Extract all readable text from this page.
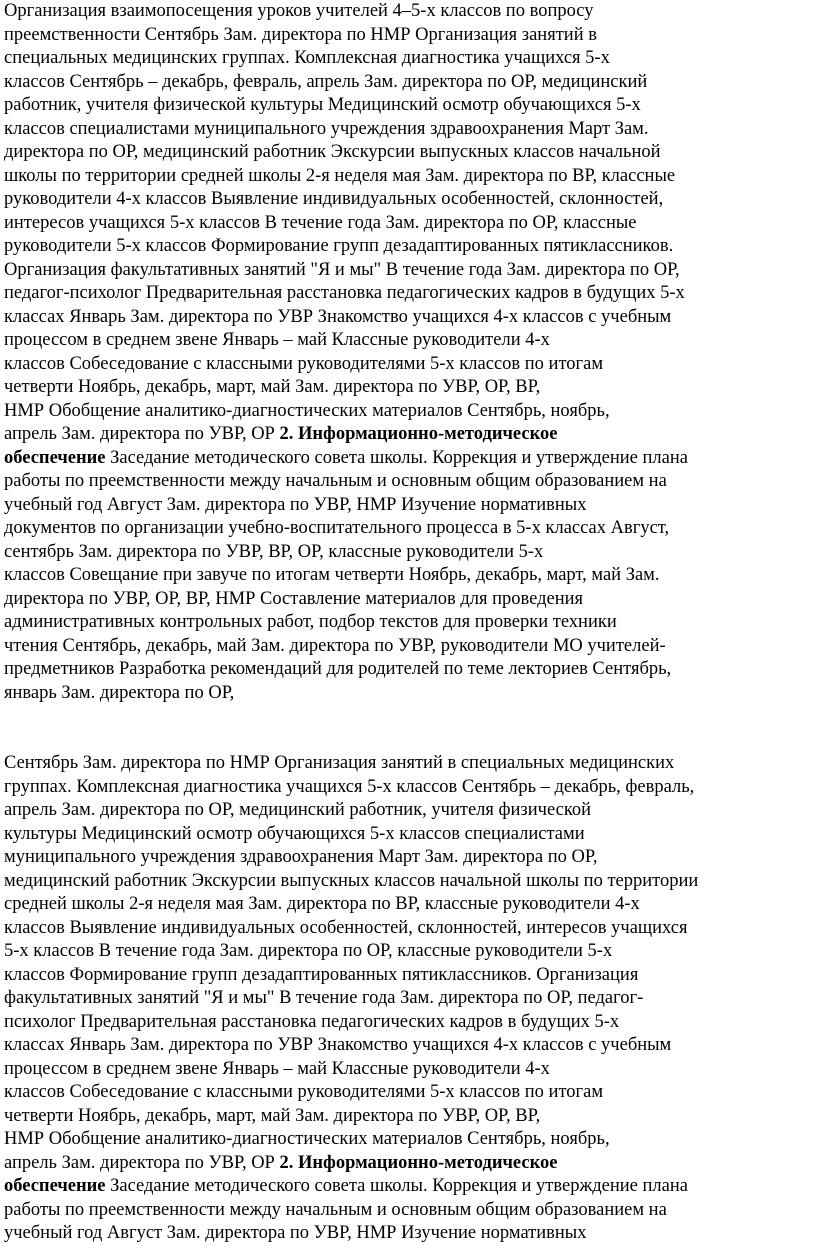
Организация взаимопосещения уроков учителей 4–5-х классов по вопросу
преемственности Сентябрь Зам. директора по НМР Организация занятий в
специальных медицинских группах. Комплексная диагностика учащихся 5-х
классов Сентябрь – декабрь, февраль, апрель Зам. директора по ОР, медицинский
работник, учителя физической культуры Медицинский осмотр обучающихся 5-х
классов специалистами муниципального учреждения здравоохранения Март Зам.
директора по ОР, медицинский работник Экскурсии выпускных классов начальной
школы по территории средней школы 2-я неделя мая Зам. директора по ВР, классные
руководители 4-х классов Выявление индивидуальных особенностей, склонностей,
интересов учащихся 5-х классов В течение года Зам. директора по ОР, классные
руководители 5-х классов Формирование групп дезадаптированных пятиклассников.
Организация факультативных занятий "Я и мы" В течение года Зам. директора по ОР,
педагог-психолог Предварительная расстановка педагогических кадров в будущих 5-х
классах Январь Зам. директора по УВР Знакомство учащихся 4-х классов с учебным
процессом в среднем звене Январь – май Классные руководители 4-х
классов Собеседование с классными руководителями 5-х классов по итогам
четверти Ноябрь, декабрь, март, май Зам. директора по УВР, ОР, ВР,
НМР Обобщение аналитико-диагностических материалов Сентябрь, ноябрь,
апрель Зам. директора по УВР, ОР 2. Информационно-методическое
обеспечение Заседание методического совета школы. Коррекция и утверждение плана
работы по преемственности между начальным и основным общим образованием на
учебный год Август Зам. директора по УВР, НМР Изучение нормативных
документов по организации учебно-воспитательного процесса в 5-х классах Август,
сентябрь Зам. директора по УВР, ВР, ОР, классные руководители 5-х
классов Совещание при завуче по итогам четверти Ноябрь, декабрь, март, май Зам.
директора по УВР, ОР, ВР, НМР Составление материалов для проведения
административных контрольных работ, подбор текстов для проверки техники
чтения Сентябрь, декабрь, май Зам. директора по УВР, руководители МО учителей-
предметников Разработка рекомендаций для родителей по теме лекториев Сентябрь,
январь Зам. директора по ОР,
Сентябрь Зам. директора по НМР Организация занятий в специальных медицинских
группах. Комплексная диагностика учащихся 5-х классов Сентябрь – декабрь, февраль,
апрель Зам. директора по ОР, медицинский работник, учителя физической
культуры Медицинский осмотр обучающихся 5-х классов специалистами
муниципального учреждения здравоохранения Март Зам. директора по ОР,
медицинский работник Экскурсии выпускных классов начальной школы по территории
средней школы 2-я неделя мая Зам. директора по ВР, классные руководители 4-х
классов Выявление индивидуальных особенностей, склонностей, интересов учащихся
5-х классов В течение года Зам. директора по ОР, классные руководители 5-х
классов Формирование групп дезадаптированных пятиклассников. Организация
факультативных занятий "Я и мы" В течение года Зам. директора по ОР, педагог-
психолог Предварительная расстановка педагогических кадров в будущих 5-х
классах Январь Зам. директора по УВР Знакомство учащихся 4-х классов с учебным
процессом в среднем звене Январь – май Классные руководители 4-х
классов Собеседование с классными руководителями 5-х классов по итогам
четверти Ноябрь, декабрь, март, май Зам. директора по УВР, ОР, ВР,
НМР Обобщение аналитико-диагностических материалов Сентябрь, ноябрь,
апрель Зам. директора по УВР, ОР 2. Информационно-методическое
обеспечение Заседание методического совета школы. Коррекция и утверждение плана
работы по преемственности между начальным и основным общим образованием на
учебный год Август Зам. директора по УВР, НМР Изучение нормативных
